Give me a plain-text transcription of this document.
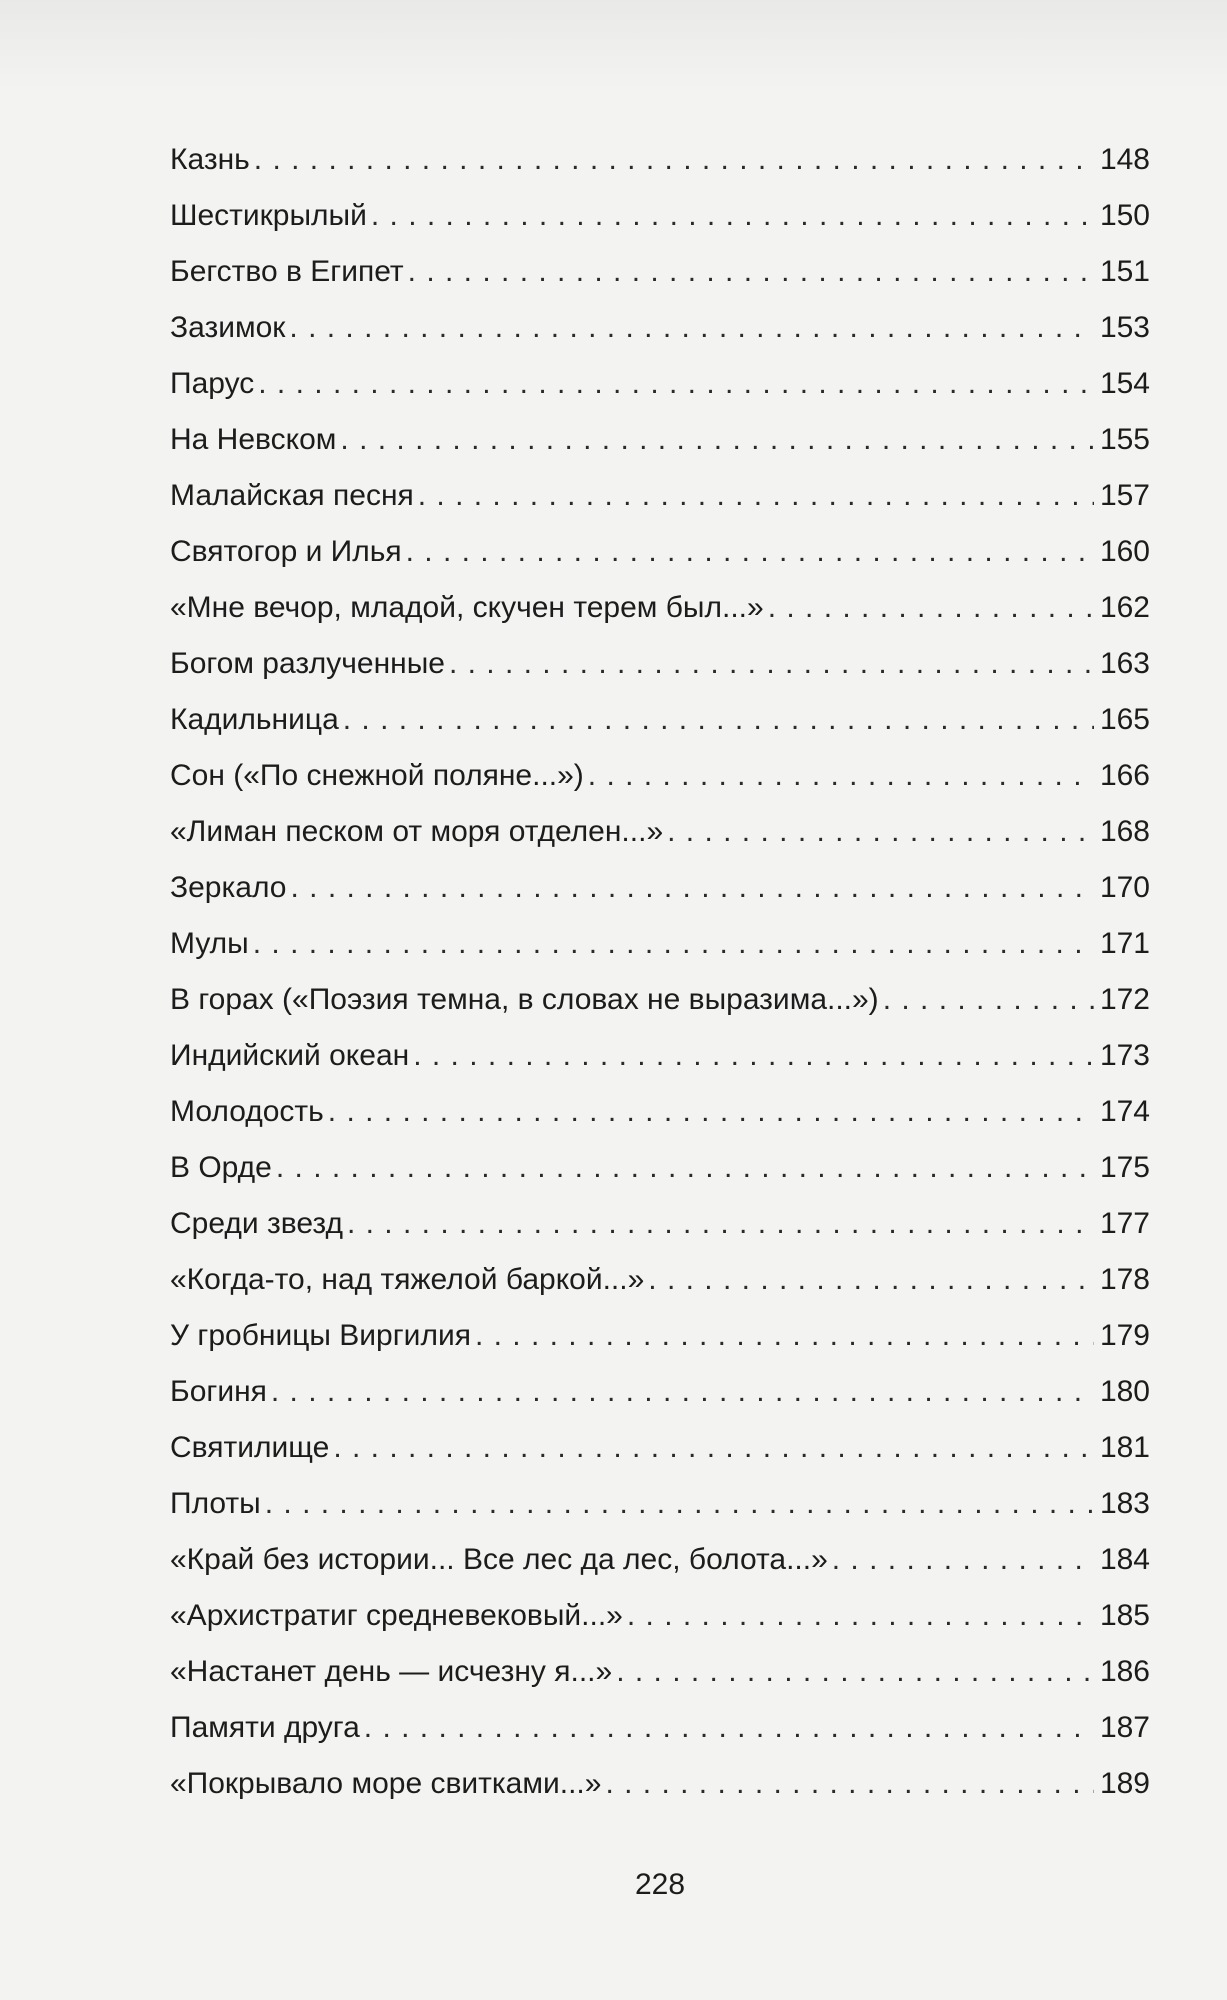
Казнь . . .	148
Шестикрылый . . .	150
Бегство в Египет . . .	151
Зазимок . . .	153
Парус . . .	154
На Невском . . .	155
Малайская песня . . .	157
Святогор и Илья . . .	160
«Мне вечор, младой, скучен терем был...» . . .	162
Богом разлученные . . .	163
Кадильница . . .	165
Сон («По снежной поляне...») . . .	166
«Лиман песком от моря отделен...» . . .	168
Зеркало . . .	170
Мулы . . .	171
В горах («Поэзия темна, в словах не выразима...») . . .	172
Индийский океан . . .	173
Молодость . . .	174
В Орде . . .	175
Среди звезд . . .	177
«Когда-то, над тяжелой баркой...» . . .	178
У гробницы Виргилия . . .	179
Богиня . . .	180
Святилище . . .	181
Плоты . . .	183
«Край без истории... Все лес да лес, болота...» . . .	184
«Архистратиг средневековый...» . . .	185
«Настанет день — исчезну я...» . . .	186
Памяти друга . . .	187
«Покрывало море свитками...» . . .	189
228
